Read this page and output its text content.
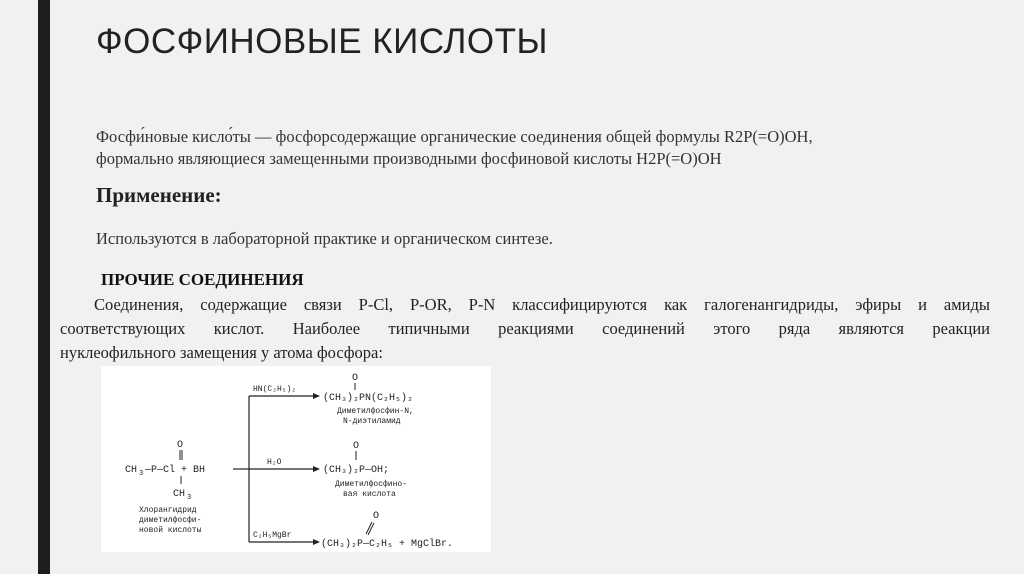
ФОСФИНОВЫЕ КИСЛОТЫ
Фосфи́новые кисло́ты — фосфорсодержащие органические соединения общей формулы R2P(=O)OH,
формально являющиеся замещенными производными фосфиновой кислоты H2P(=O)OH
Применение:
Используются в лабораторной практике и органическом синтезе.
ПРОЧИЕ СОЕДИНЕНИЯ
Соединения, содержащие связи P-Cl, P-OR, P-N классифицируются как галогенангидриды, эфиры и амиды
соответствующих кислот. Наиболее типичными реакциями соединений этого ряда являются реакции
нуклеофильного замещения у атома фосфора:
O
CH 3 —P—Cl + BH
CH 3
Хлорангидрид
диметилфосфи-
новой кислоты
HN(C₂H₅)₂
H₂O
C₂H₅MgBr
O
(CH₃)₂PN(C₂H₅)₂
Диметилфосфин-N,
N-диэтиламид
O
(CH₃)₂P—OH;
Диметилфосфино-
вая кислота
O
(CH₃)₂P—C₂H₅ + MgClBr.
